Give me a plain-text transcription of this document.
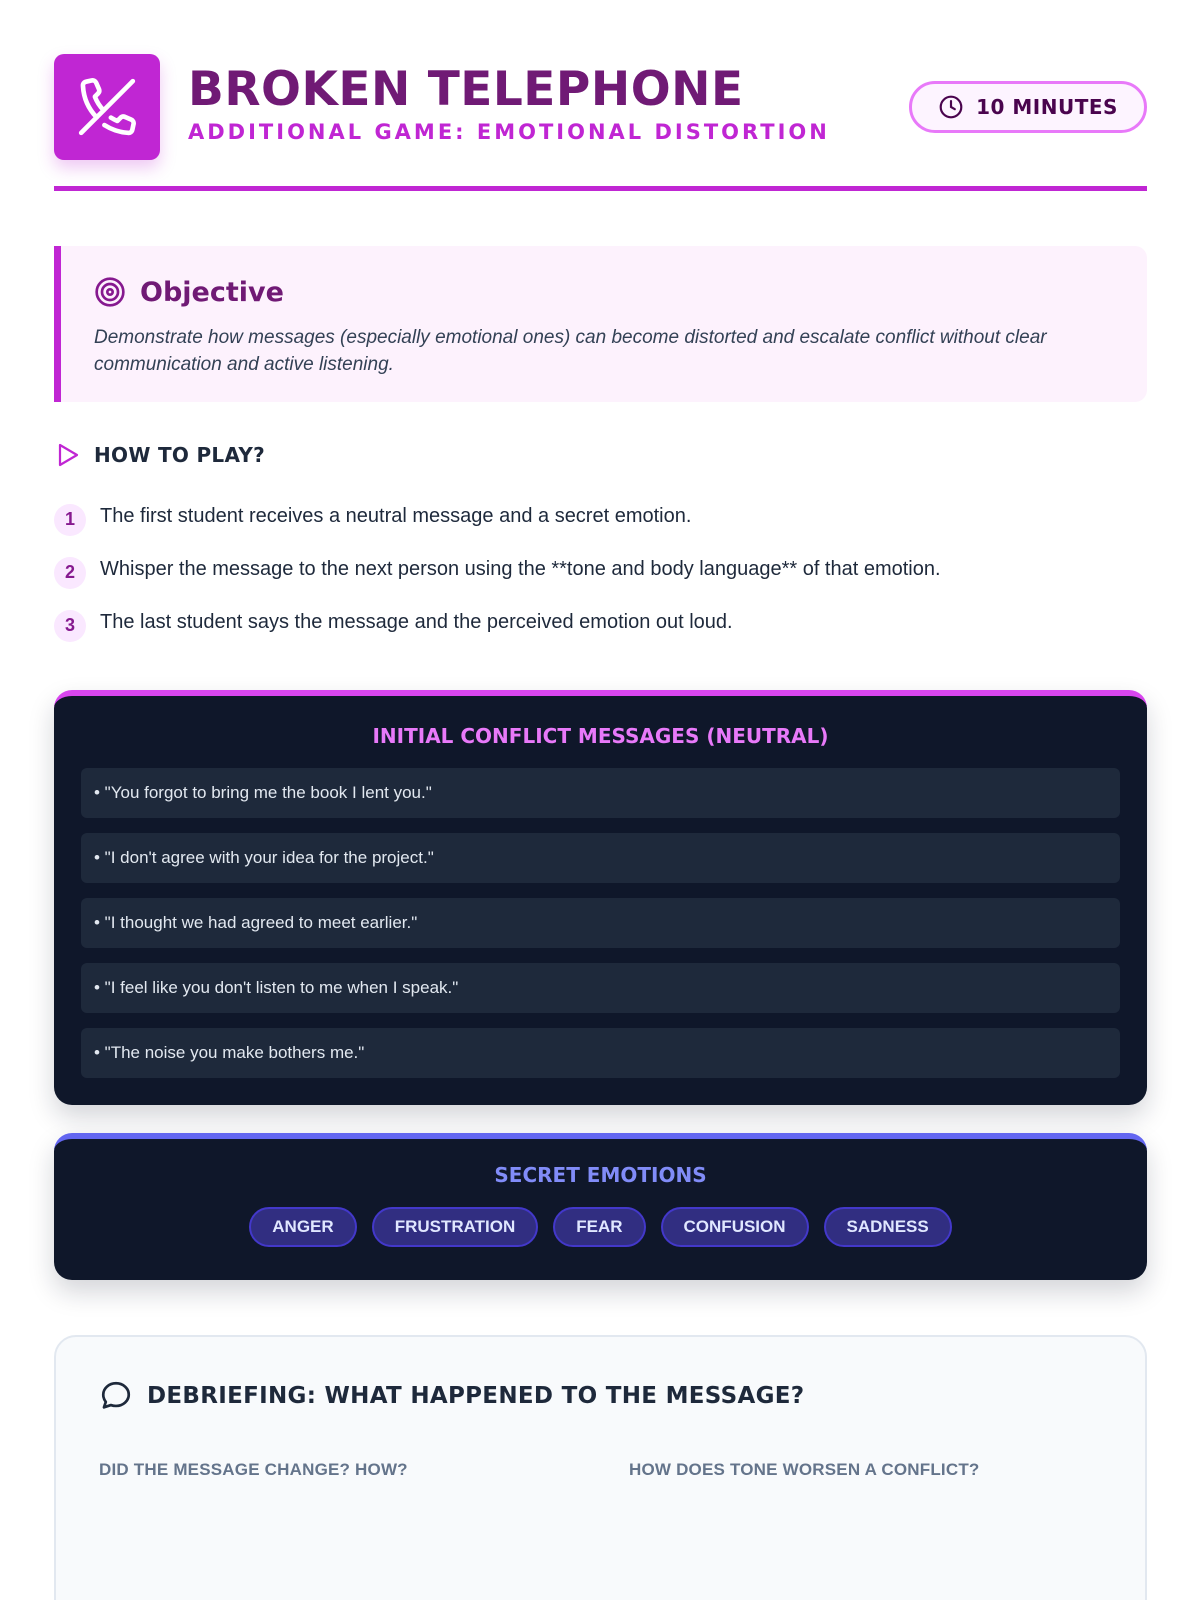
BROKEN TELEPHONE
ADDITIONAL GAME: EMOTIONAL DISTORTION
10 MINUTES
Objective
Demonstrate how messages (especially emotional ones) can become distorted and escalate conflict without clear communication and active listening.
HOW TO PLAY?
1	The first student receives a neutral message and a secret emotion.
2	Whisper the message to the next person using the **tone and body language** of that emotion.
3	The last student says the message and the perceived emotion out loud.
INITIAL CONFLICT MESSAGES (NEUTRAL)
• "You forgot to bring me the book I lent you."
• "I don't agree with your idea for the project."
• "I thought we had agreed to meet earlier."
• "I feel like you don't listen to me when I speak."
• "The noise you make bothers me."
SECRET EMOTIONS
ANGER	FRUSTRATION	FEAR	CONFUSION	SADNESS
DEBRIEFING: WHAT HAPPENED TO THE MESSAGE?
DID THE MESSAGE CHANGE? HOW?	HOW DOES TONE WORSEN A CONFLICT?
